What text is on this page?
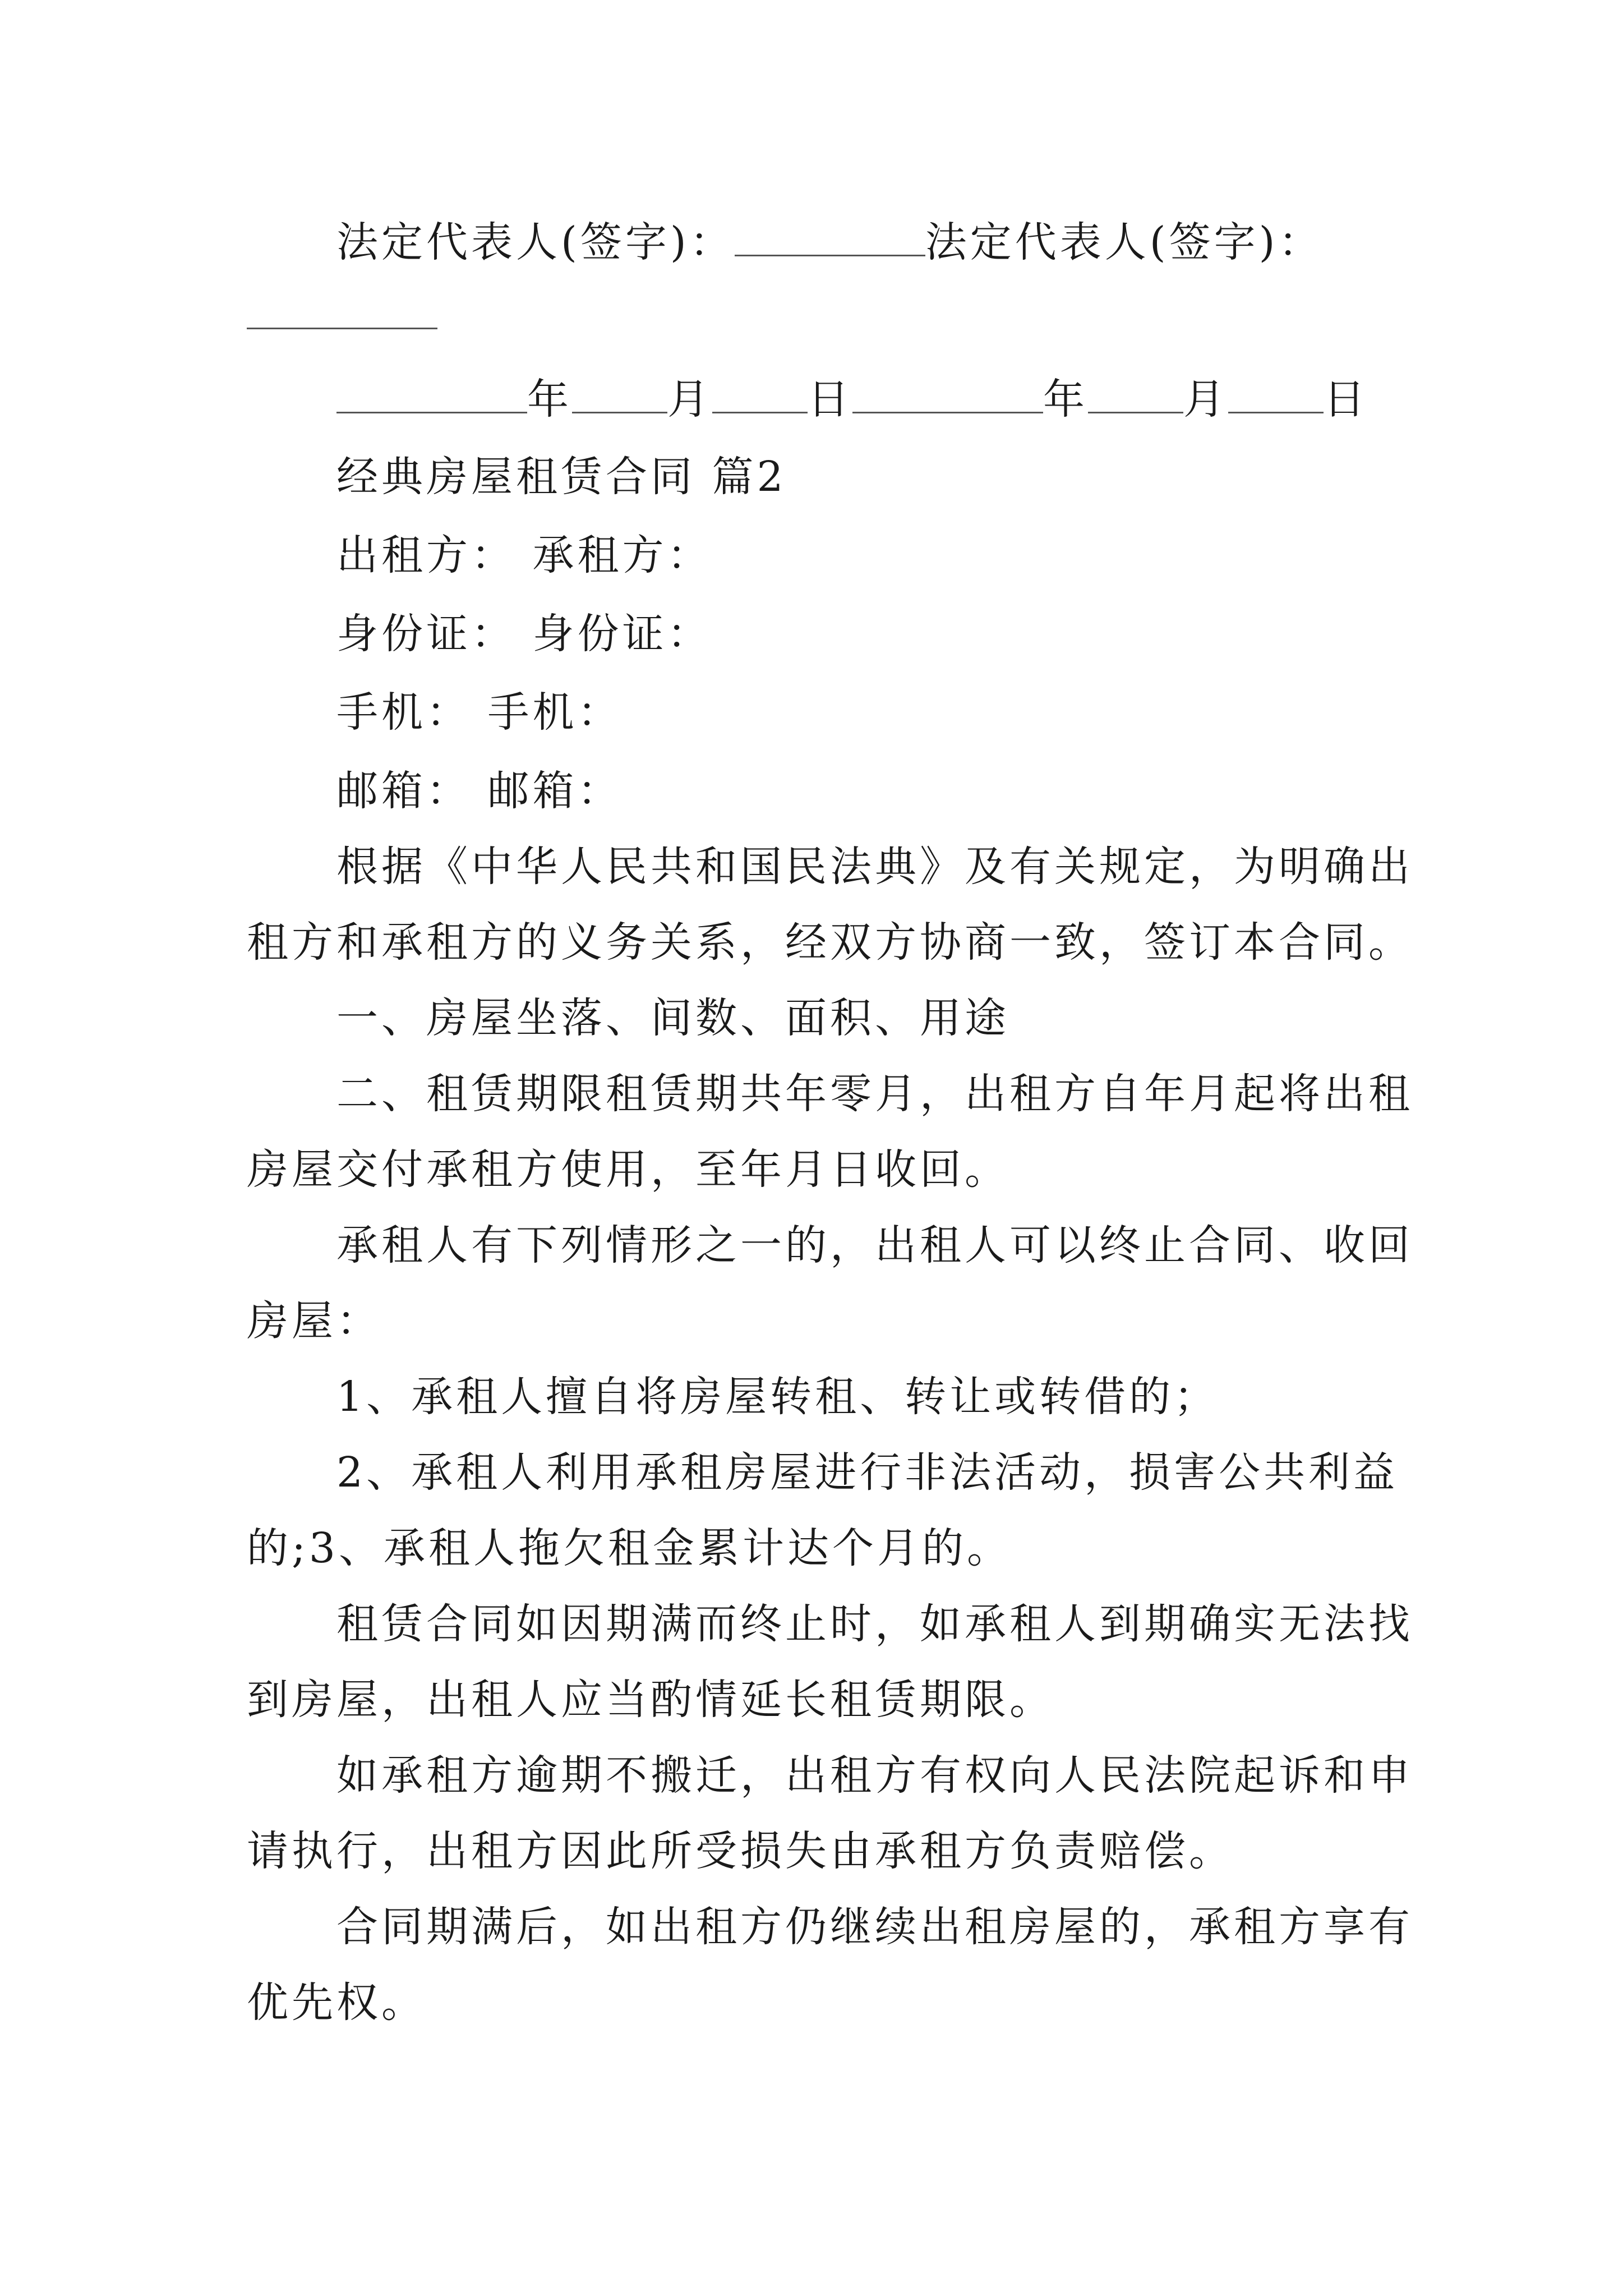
法定代表人(签字)：	法定代表人(签字)：
年 月 日	年 月 日
经典房屋租赁合同 篇2
出租方： 承租方：
身份证： 身份证：
手机： 手机：
邮箱： 邮箱：
根据《中华人民共和国民法典》及有关规定，为明确出
租方和承租方的义务关系，经双方协商一致，签订本合同。
一、房屋坐落、间数、面积、用途
二、租赁期限租赁期共年零月，出租方自年月起将出租
房屋交付承租方使用，至年月日收回。
承租人有下列情形之一的，出租人可以终止合同、收回
房屋：
1、承租人擅自将房屋转租、转让或转借的；
2、承租人利用承租房屋进行非法活动，损害公共利益
的;3、承租人拖欠租金累计达个月的。
租赁合同如因期满而终止时，如承租人到期确实无法找
到房屋，出租人应当酌情延长租赁期限。
如承租方逾期不搬迁，出租方有权向人民法院起诉和申
请执行，出租方因此所受损失由承租方负责赔偿。
合同期满后，如出租方仍继续出租房屋的，承租方享有
优先权。
